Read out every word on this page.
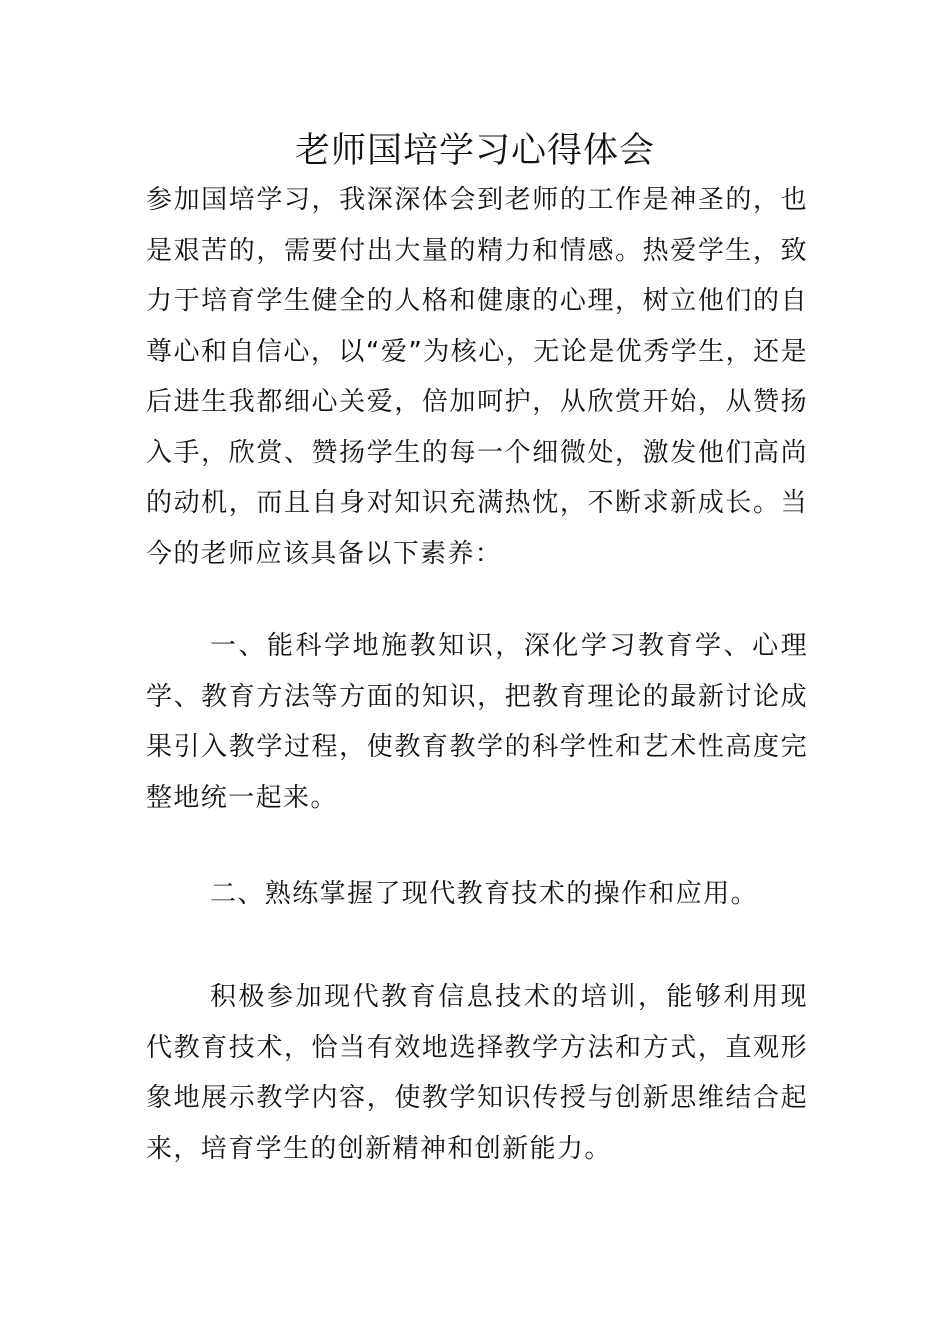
老师国培学习心得体会

参加国培学习，我深深体会到老师的工作是神圣的，也是艰苦的，需要付出大量的精力和情感。热爱学生，致力于培育学生健全的人格和健康的心理，树立他们的自尊心和自信心，以“爱”为核心，无论是优秀学生，还是后进生我都细心关爱，倍加呵护，从欣赏开始，从赞扬入手，欣赏、赞扬学生的每一个细微处，激发他们高尚的动机，而且自身对知识充满热忱，不断求新成长。当今的老师应该具备以下素养：

一、能科学地施教知识，深化学习教育学、心理学、教育方法等方面的知识，把教育理论的最新讨论成果引入教学过程，使教育教学的科学性和艺术性高度完整地统一起来。

二、熟练掌握了现代教育技术的操作和应用。

积极参加现代教育信息技术的培训，能够利用现代教育技术，恰当有效地选择教学方法和方式，直观形象地展示教学内容，使教学知识传授与创新思维结合起来，培育学生的创新精神和创新能力。
